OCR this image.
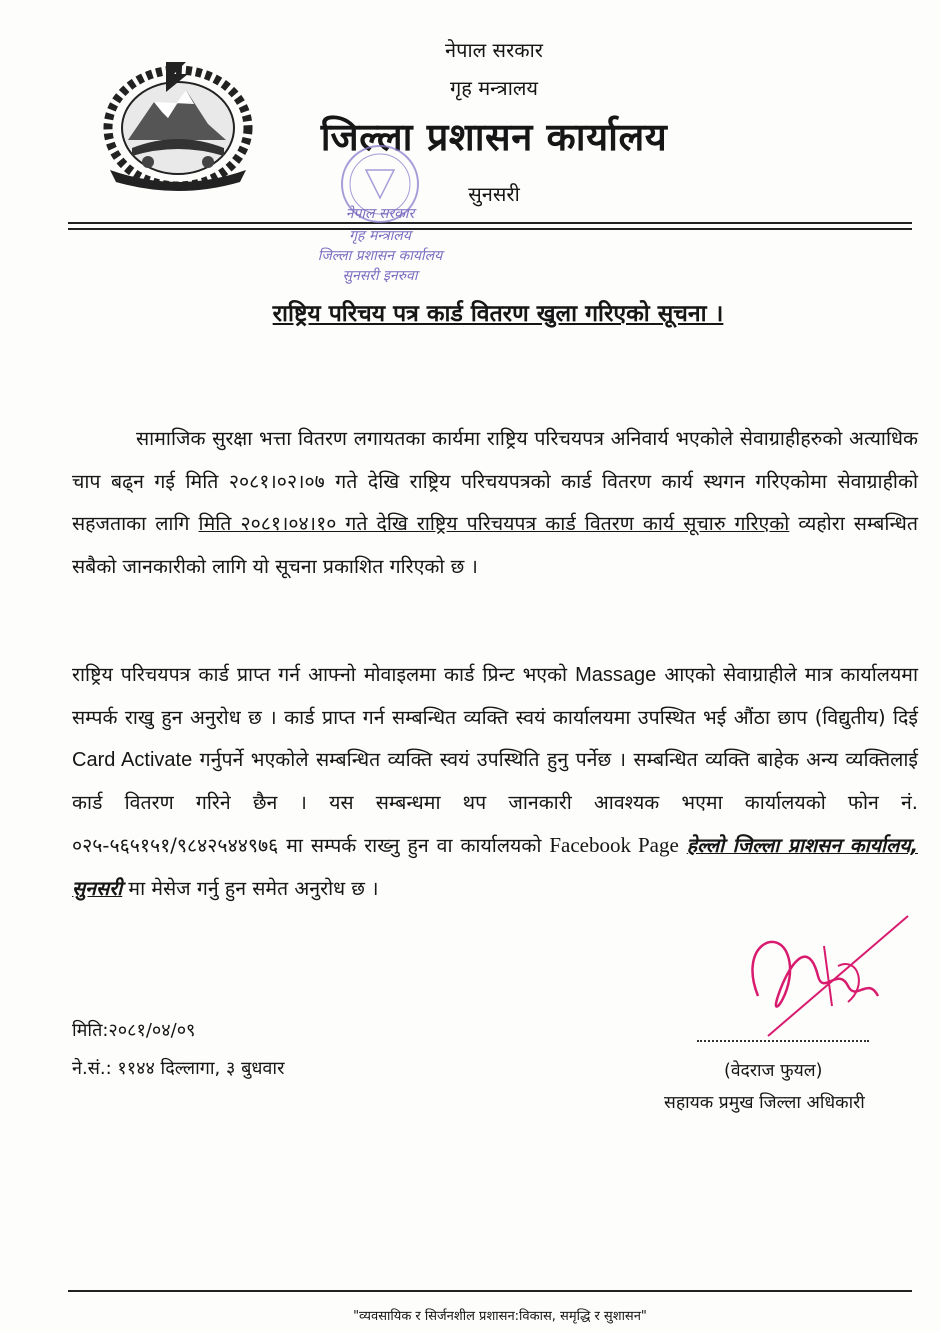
नेपाल सरकार
गृह मन्त्रालय
जिल्ला प्रशासन कार्यालय
सुनसरी
नेपाल सरकार
गृह मन्त्रालय
जिल्ला प्रशासन कार्यालय
सुनसरी इनरुवा
राष्ट्रिय परिचय पत्र कार्ड वितरण खुला गरिएको सूचना ।
सामाजिक सुरक्षा भत्ता वितरण लगायतका कार्यमा राष्ट्रिय परिचयपत्र अनिवार्य भएकोले सेवाग्राहीहरुको अत्याधिक चाप बढ्न गई मिति २०८१।०२।०७ गते देखि राष्ट्रिय परिचयपत्रको कार्ड वितरण कार्य स्थगन गरिएकोमा सेवाग्राहीको सहजताका लागि मिति २०८१।०४।१० गते देखि राष्ट्रिय परिचयपत्र कार्ड वितरण कार्य सूचारु गरिएको व्यहोरा सम्बन्धित सबैको जानकारीको लागि यो सूचना प्रकाशित गरिएको छ ।
राष्ट्रिय परिचयपत्र कार्ड प्राप्त गर्न आफ्नो मोवाइलमा कार्ड प्रिन्ट भएको Massage आएको सेवाग्राहीले मात्र कार्यालयमा सम्पर्क राखु हुन अनुरोध छ । कार्ड प्राप्त गर्न सम्बन्धित व्यक्ति स्वयं कार्यालयमा उपस्थित भई औंठा छाप (विद्युतीय) दिई Card Activate गर्नुपर्ने भएकोले सम्बन्धित व्यक्ति स्वयं उपस्थिति हुनु पर्नेछ । सम्बन्धित व्यक्ति बाहेक अन्य व्यक्तिलाई कार्ड वितरण गरिने छैन । यस सम्बन्धमा थप जानकारी आवश्यक भएमा कार्यालयको फोन नं. ०२५-५६५१५१/९८४२५४४९७६ मा सम्पर्क राख्नु हुन वा कार्यालयको Facebook Page हेल्लो जिल्ला प्राशसन कार्यालय, सुनसरी मा मेसेज गर्नु हुन समेत अनुरोध छ ।
मिति:२०८१/०४/०९
ने.सं.: ११४४ दिल्लागा, ३ बुधवार	(वेदराज फुयल)
सहायक प्रमुख जिल्ला अधिकारी
"व्यवसायिक र सिर्जनशील प्रशासन:विकास, समृद्धि र सुशासन"
